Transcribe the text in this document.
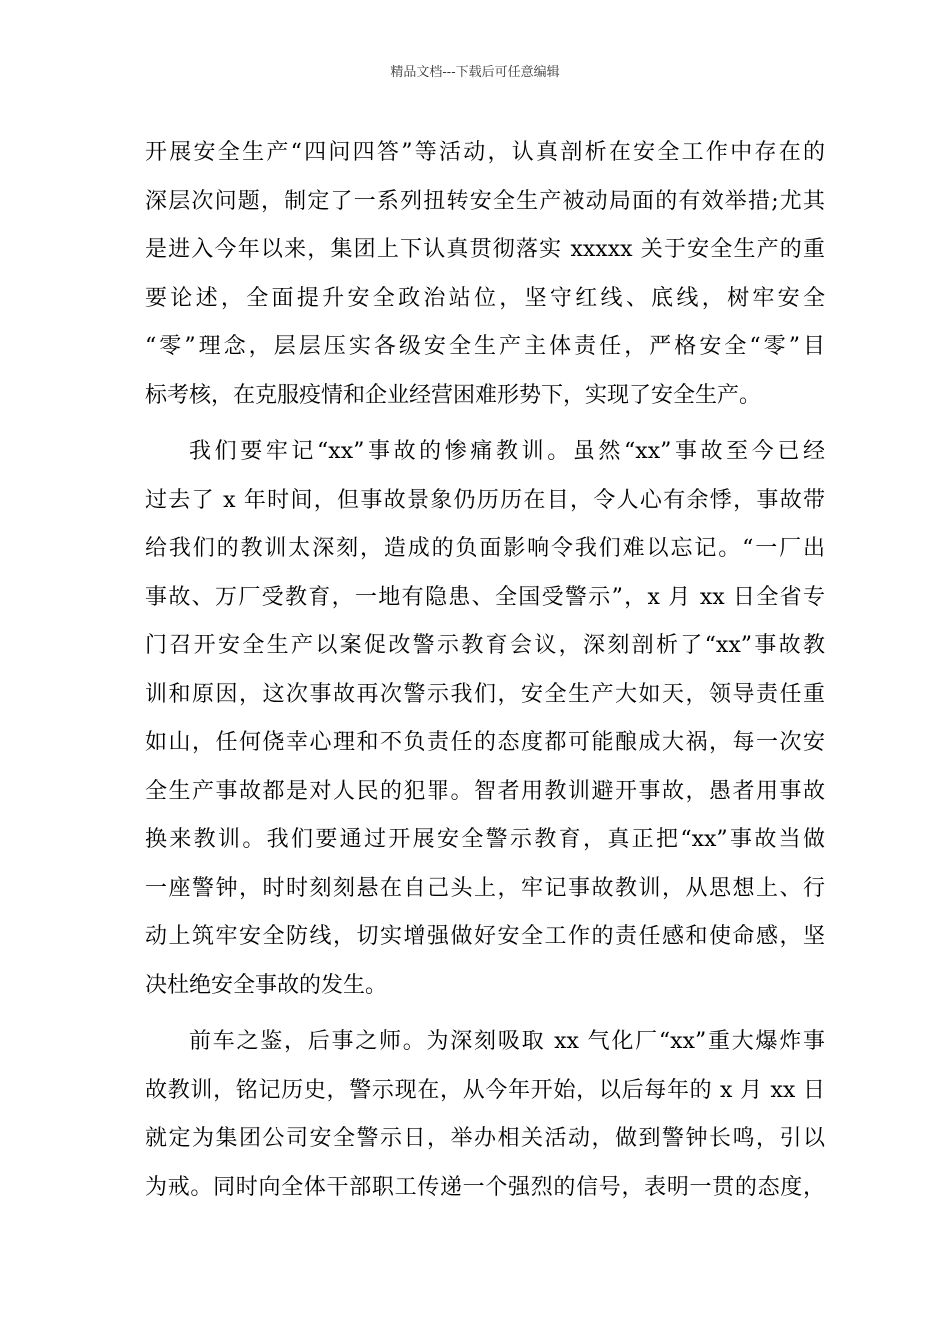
精品文档---下载后可任意编辑
开展安全生产“四问四答”等活动，认真剖析在安全工作中存在的
深层次问题，制定了一系列扭转安全生产被动局面的有效举措;尤其
是进入今年以来，集团上下认真贯彻落实 xxxxx 关于安全生产的重
要论述，全面提升安全政治站位，坚守红线、底线，树牢安全
“零”理念，层层压实各级安全生产主体责任，严格安全“零”目
标考核，在克服疫情和企业经营困难形势下，实现了安全生产。
我们要牢记“xx”事故的惨痛教训。虽然“xx”事故至今已经
过去了 x 年时间，但事故景象仍历历在目，令人心有余悸，事故带
给我们的教训太深刻，造成的负面影响令我们难以忘记。“一厂出
事故、万厂受教育，一地有隐患、全国受警示”，x 月 xx 日全省专
门召开安全生产以案促改警示教育会议，深刻剖析了“xx”事故教
训和原因，这次事故再次警示我们，安全生产大如天，领导责任重
如山，任何侥幸心理和不负责任的态度都可能酿成大祸，每一次安
全生产事故都是对人民的犯罪。智者用教训避开事故，愚者用事故
换来教训。我们要通过开展安全警示教育，真正把“xx”事故当做
一座警钟，时时刻刻悬在自己头上，牢记事故教训，从思想上、行
动上筑牢安全防线，切实增强做好安全工作的责任感和使命感，坚
决杜绝安全事故的发生。
前车之鉴，后事之师。为深刻吸取 xx 气化厂“xx”重大爆炸事
故教训，铭记历史，警示现在，从今年开始，以后每年的 x 月 xx 日
就定为集团公司安全警示日，举办相关活动，做到警钟长鸣，引以
为戒。同时向全体干部职工传递一个强烈的信号，表明一贯的态度，
